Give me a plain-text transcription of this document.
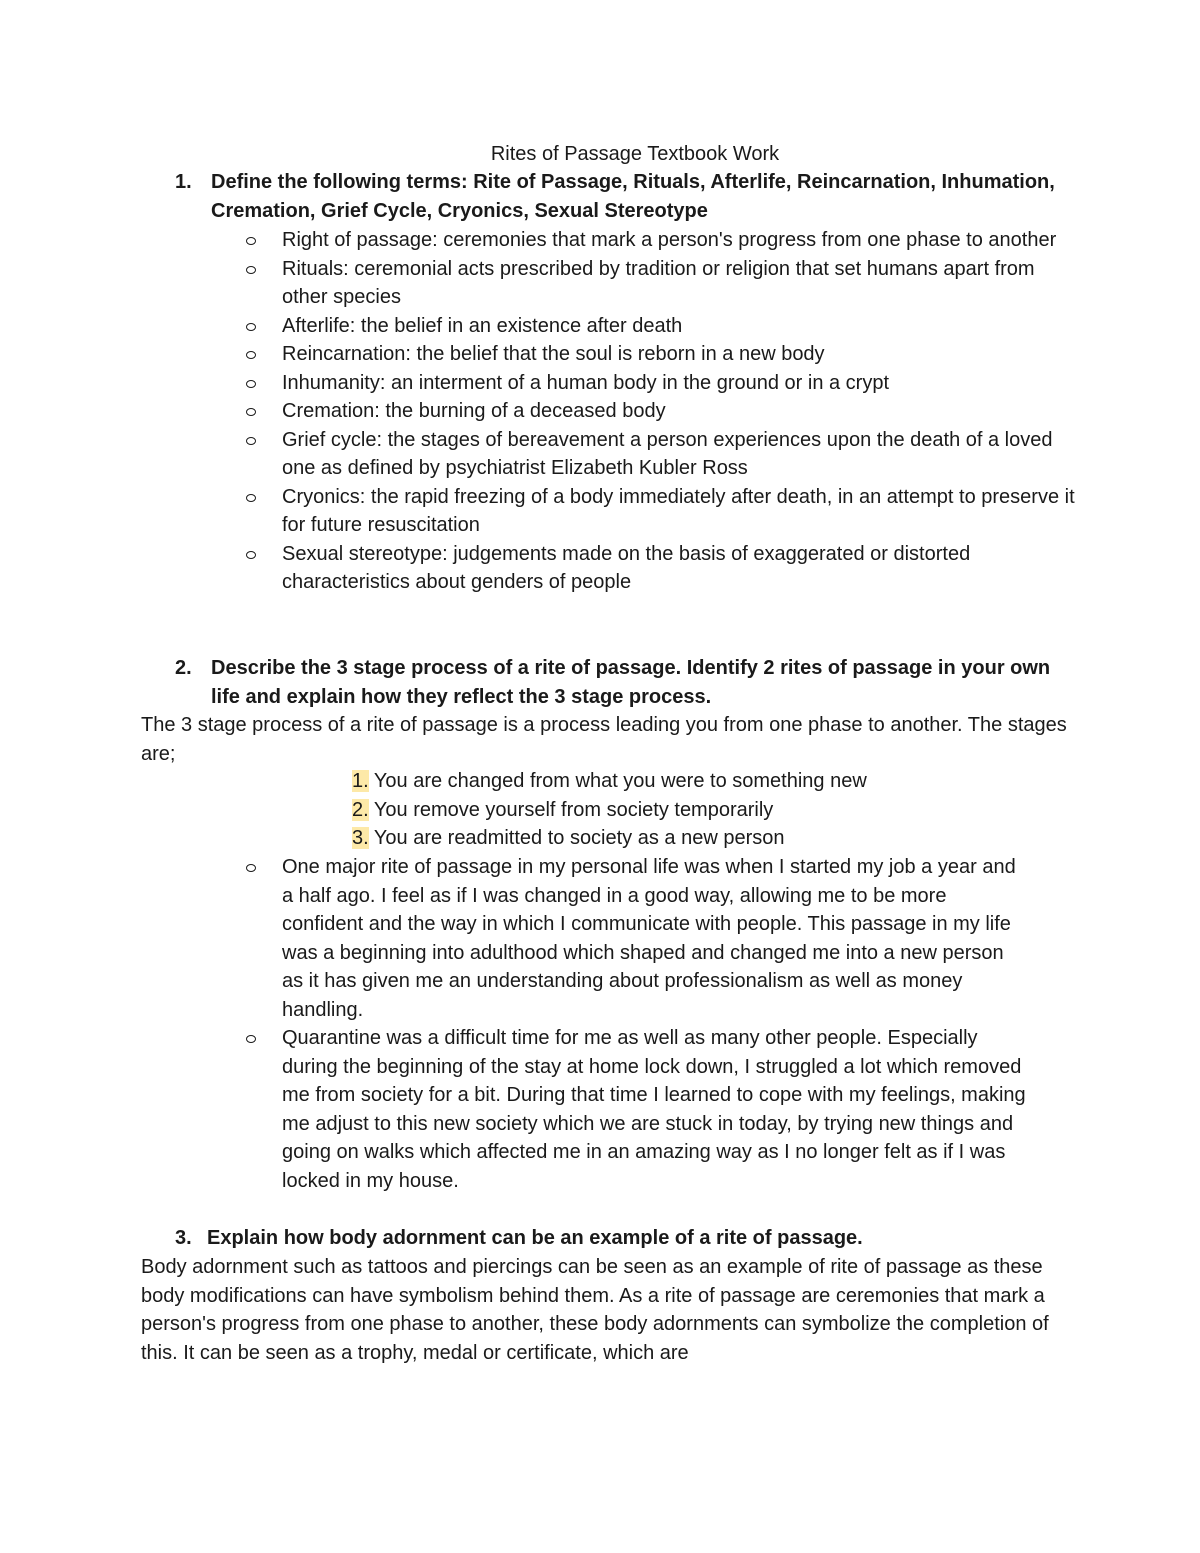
Rites of Passage Textbook Work
1. Define the following terms: Rite of Passage, Rituals, Afterlife, Reincarnation, Inhumation, Cremation, Grief Cycle, Cryonics, Sexual Stereotype
Right of passage: ceremonies that mark a person's progress from one phase to another
Rituals: ceremonial acts prescribed by tradition or religion that set humans apart from other species
Afterlife: the belief in an existence after death
Reincarnation: the belief that the soul is reborn in a new body
Inhumanity: an interment of a human body in the ground or in a crypt
Cremation: the burning of a deceased body
Grief cycle: the stages of bereavement a person experiences upon the death of a loved one as defined by psychiatrist Elizabeth Kubler Ross
Cryonics: the rapid freezing of a body immediately after death, in an attempt to preserve it for future resuscitation
Sexual stereotype: judgements made on the basis of exaggerated or distorted characteristics about genders of people
2. Describe the 3 stage process of a rite of passage. Identify 2 rites of passage in your own life and explain how they reflect the 3 stage process.
The 3 stage process of a rite of passage is a process leading you from one phase to another. The stages are;
1. You are changed from what you were to something new
2. You remove yourself from society temporarily
3. You are readmitted to society as a new person
One major rite of passage in my personal life was when I started my job a year and a half ago. I feel as if I was changed in a good way, allowing me to be more confident and the way in which I communicate with people. This passage in my life was a beginning into adulthood which shaped and changed me into a new person as it has given me an understanding about professionalism as well as money handling.
Quarantine was a difficult time for me as well as many other people. Especially during the beginning of the stay at home lock down, I struggled a lot which removed me from society for a bit. During that time I learned to cope with my feelings, making me adjust to this new society which we are stuck in today, by trying new things and going on walks which affected me in an amazing way as I no longer felt as if I was locked in my house.
3. Explain how body adornment can be an example of a rite of passage.
Body adornment such as tattoos and piercings can be seen as an example of rite of passage as these body modifications can have symbolism behind them. As a rite of passage are ceremonies that mark a person's progress from one phase to another, these body adornments can symbolize the completion of this. It can be seen as a trophy, medal or certificate, which are
